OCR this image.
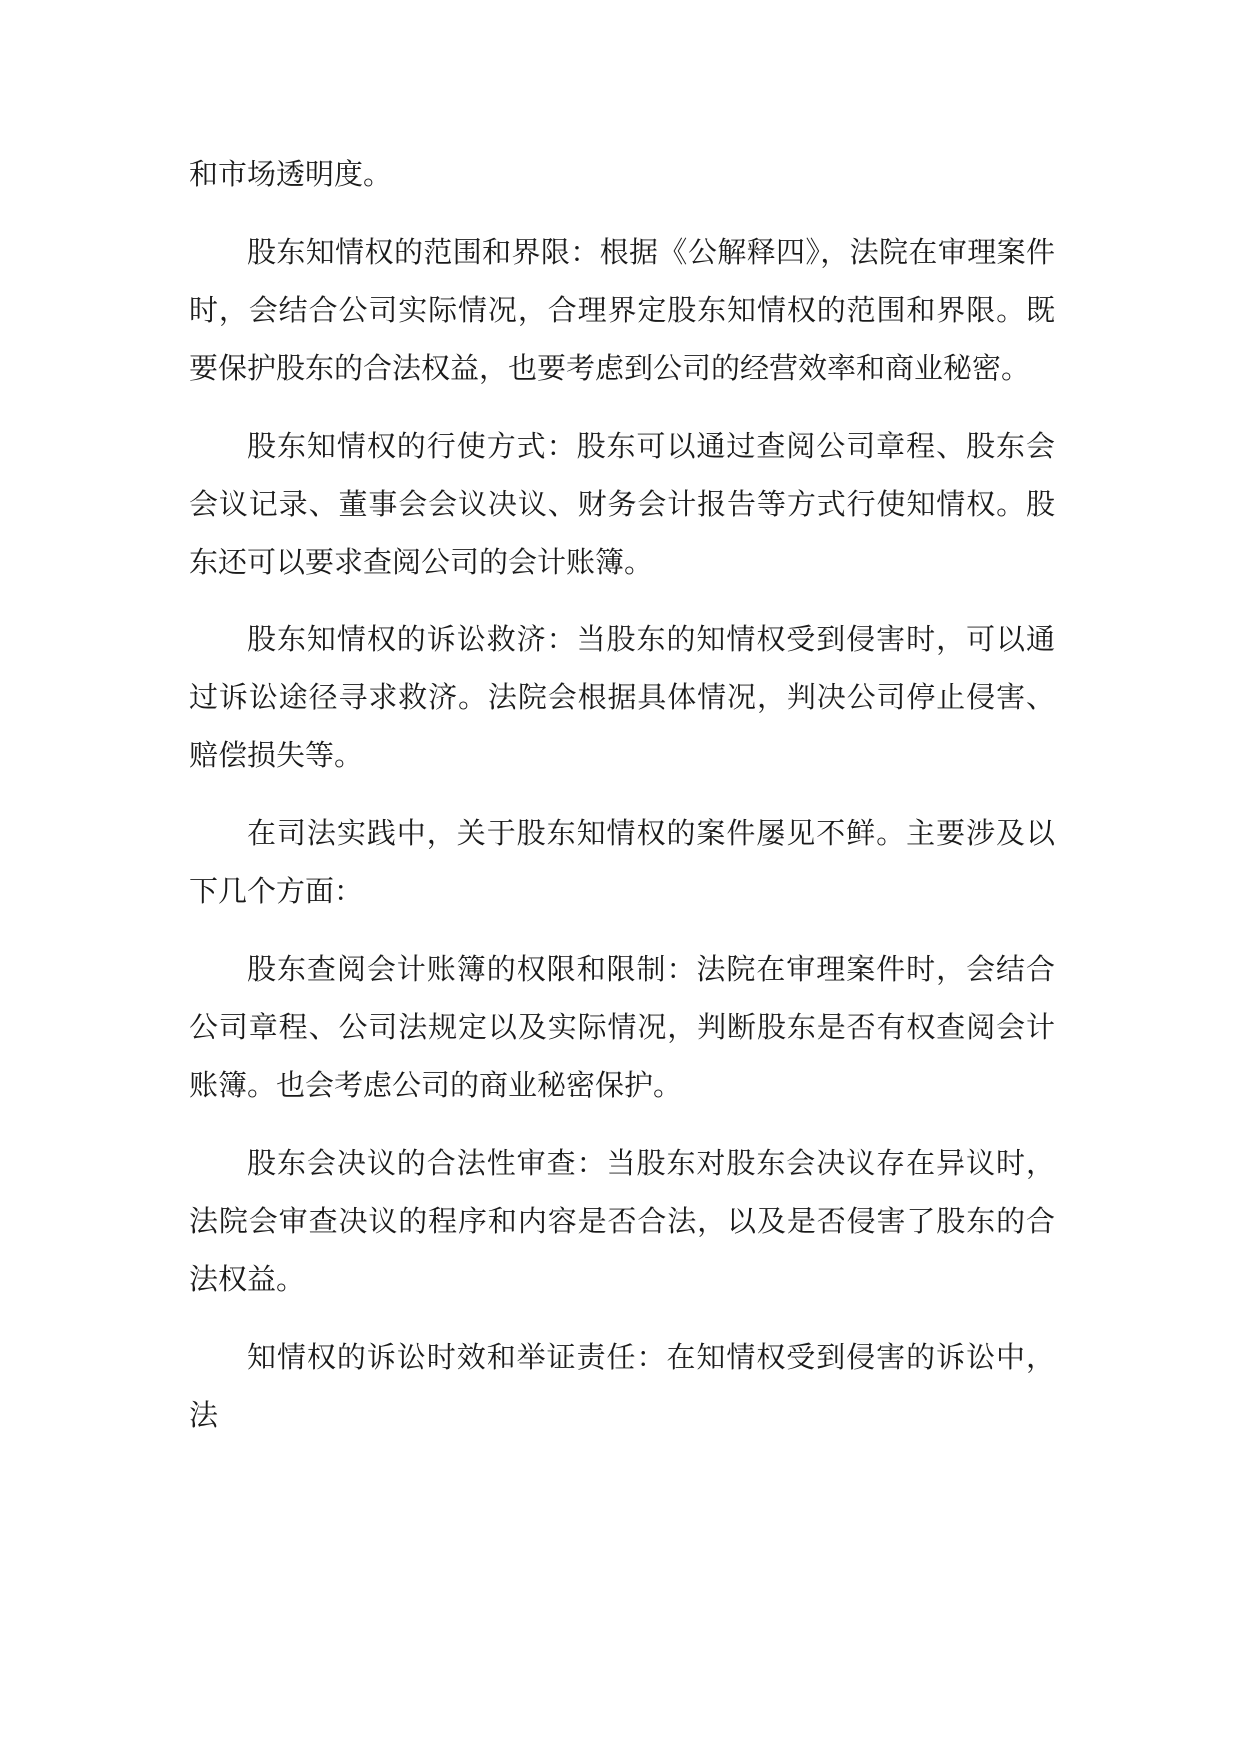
和市场透明度。

股东知情权的范围和界限：根据《公解释四》，法院在审理案件时，会结合公司实际情况，合理界定股东知情权的范围和界限。既要保护股东的合法权益，也要考虑到公司的经营效率和商业秘密。

股东知情权的行使方式：股东可以通过查阅公司章程、股东会会议记录、董事会会议决议、财务会计报告等方式行使知情权。股东还可以要求查阅公司的会计账簿。

股东知情权的诉讼救济：当股东的知情权受到侵害时，可以通过诉讼途径寻求救济。法院会根据具体情况，判决公司停止侵害、赔偿损失等。

在司法实践中，关于股东知情权的案件屡见不鲜。主要涉及以下几个方面：

股东查阅会计账簿的权限和限制：法院在审理案件时，会结合公司章程、公司法规定以及实际情况，判断股东是否有权查阅会计账簿。也会考虑公司的商业秘密保护。

股东会决议的合法性审查：当股东对股东会决议存在异议时，法院会审查决议的程序和内容是否合法，以及是否侵害了股东的合法权益。

知情权的诉讼时效和举证责任：在知情权受到侵害的诉讼中，法
